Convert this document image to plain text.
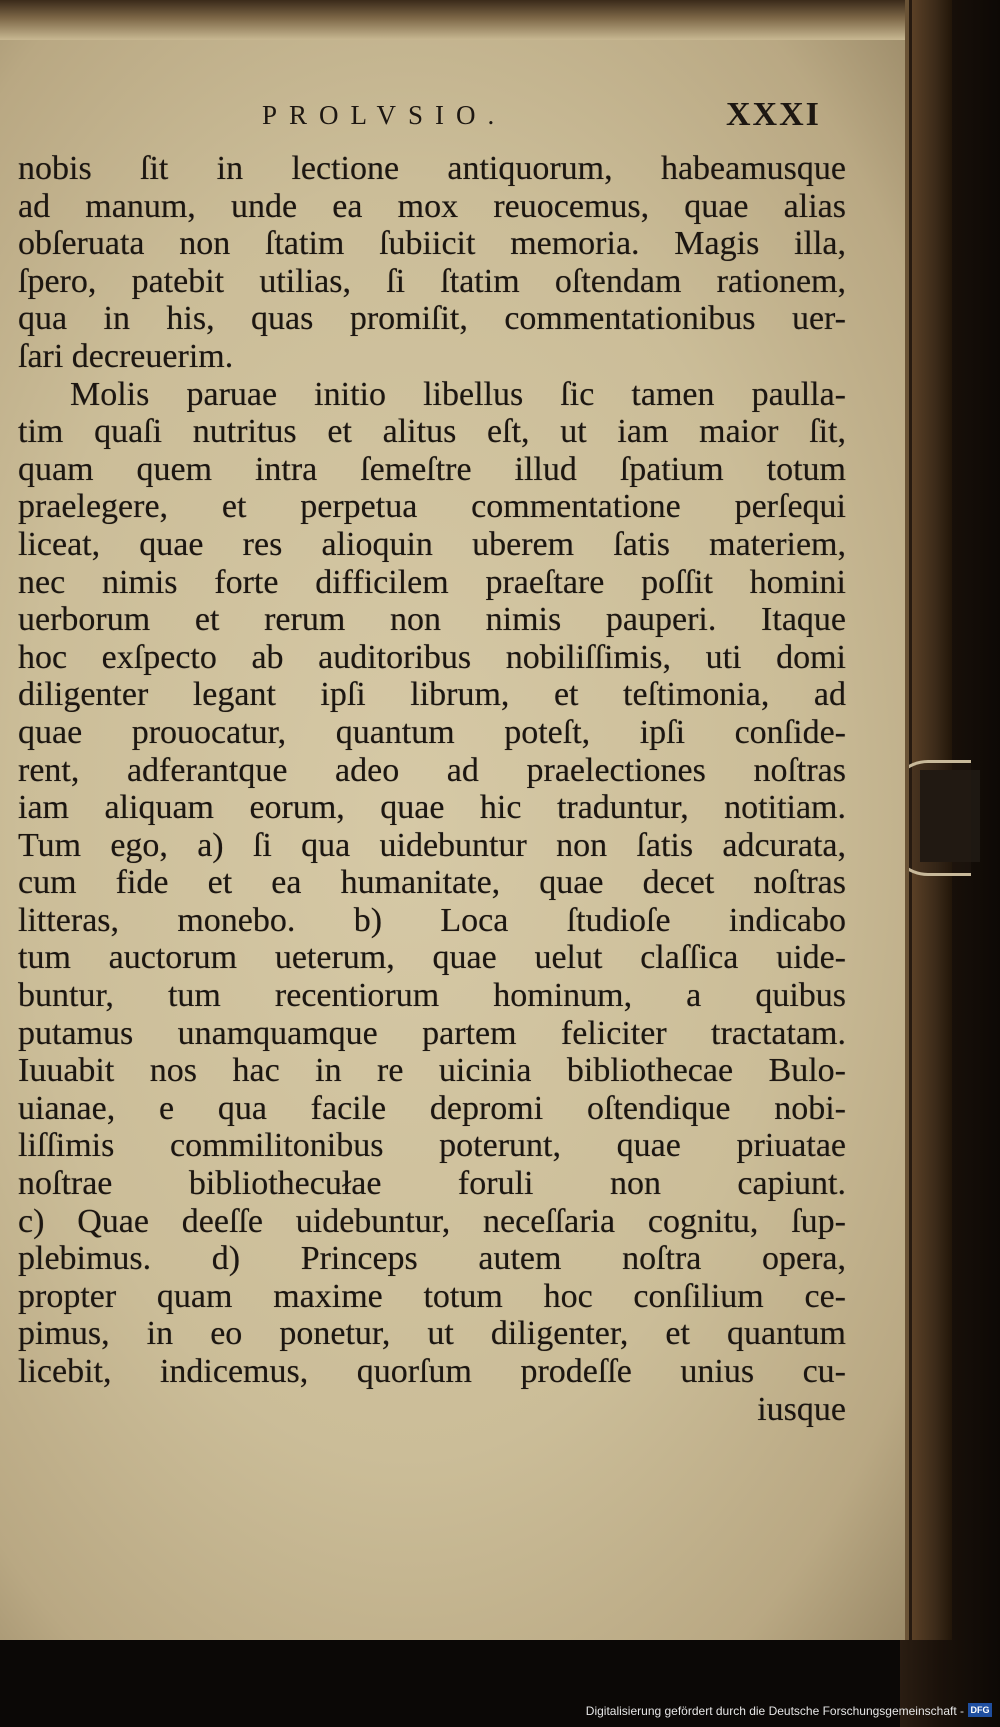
PROLVSIO.	XXXI
nobis ſit in lectione antiquorum, habeamusque
ad manum, unde ea mox reuocemus, quae alias
obſeruata non ſtatim ſubiicit memoria. Magis illa,
ſpero, patebit utilias, ſi ſtatim oſtendam rationem,
qua in his, quas promiſit, commentationibus uer-
ſari decreuerim.
Molis paruae initio libellus ſic tamen paulla-
tim quaſi nutritus et alitus eſt, ut iam maior ſit,
quam quem intra ſemeſtre illud ſpatium totum
praelegere, et perpetua commentatione perſequi
liceat, quae res alioquin uberem ſatis materiem,
nec nimis forte difficilem praeſtare poſſit homini
uerborum et rerum non nimis pauperi. Itaque
hoc exſpecto ab auditoribus nobiliſſimis, uti domi
diligenter legant ipſi librum, et teſtimonia, ad
quae prouocatur, quantum poteſt, ipſi conſide-
rent, adferantque adeo ad praelectiones noſtras
iam aliquam eorum, quae hic traduntur, notitiam.
Tum ego, a) ſi qua uidebuntur non ſatis adcurata,
cum fide et ea humanitate, quae decet noſtras
litteras, monebo. b) Loca ſtudioſe indicabo
tum auctorum ueterum, quae uelut claſſica uide-
buntur, tum recentiorum hominum, a quibus
putamus unamquamque partem feliciter tractatam.
Iuuabit nos hac in re uicinia bibliothecae Bulo-
uianae, e qua facile depromi oſtendique nobi-
liſſimis commilitonibus poterunt, quae priuatae
noſtrae bibliothecułae foruli non capiunt.
c) Quae deeſſe uidebuntur, neceſſaria cognitu, ſup-
plebimus. d) Princeps autem noſtra opera,
propter quam maxime totum hoc conſilium ce-
pimus, in eo ponetur, ut diligenter, et quantum
licebit, indicemus, quorſum prodeſſe unius cu-
iusque
Digitalisierung gefördert durch die Deutsche Forschungsgemeinschaft - DFG
